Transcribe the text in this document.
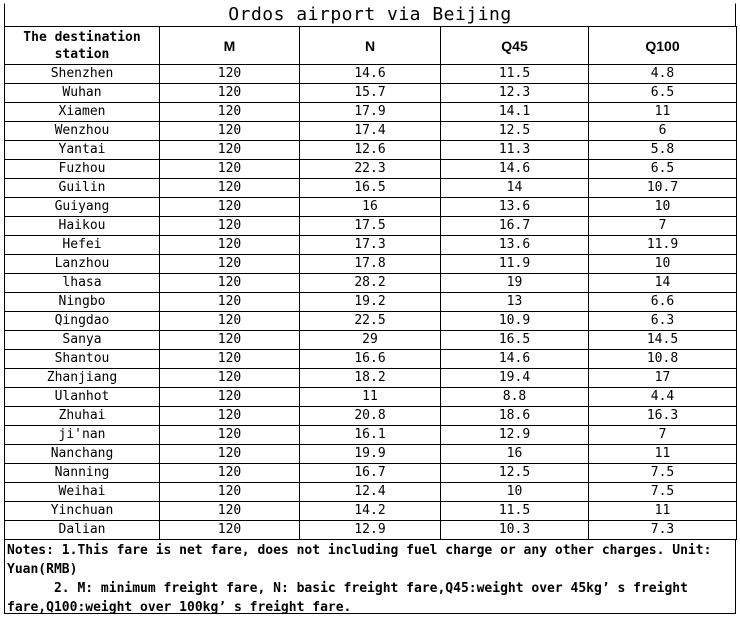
Ordos airport via Beijing
The destination station	M	N	Q45	Q100
Shenzhen	120	14.6	11.5	4.8
Wuhan	120	15.7	12.3	6.5
Xiamen	120	17.9	14.1	11
Wenzhou	120	17.4	12.5	6
Yantai	120	12.6	11.3	5.8
Fuzhou	120	22.3	14.6	6.5
Guilin	120	16.5	14	10.7
Guiyang	120	16	13.6	10
Haikou	120	17.5	16.7	7
Hefei	120	17.3	13.6	11.9
Lanzhou	120	17.8	11.9	10
lhasa	120	28.2	19	14
Ningbo	120	19.2	13	6.6
Qingdao	120	22.5	10.9	6.3
Sanya	120	29	16.5	14.5
Shantou	120	16.6	14.6	10.8
Zhanjiang	120	18.2	19.4	17
Ulanhot	120	11	8.8	4.4
Zhuhai	120	20.8	18.6	16.3
ji'nan	120	16.1	12.9	7
Nanchang	120	19.9	16	11
Nanning	120	16.7	12.5	7.5
Weihai	120	12.4	10	7.5
Yinchuan	120	14.2	11.5	11
Dalian	120	12.9	10.3	7.3
Notes: 1.This fare is net fare, does not including fuel charge or any other charges. Unit: Yuan(RMB)
2. M: minimum freight fare, N: basic freight fare,Q45:weight over 45kg’ s freight fare,Q100:weight over 100kg’ s freight fare.
